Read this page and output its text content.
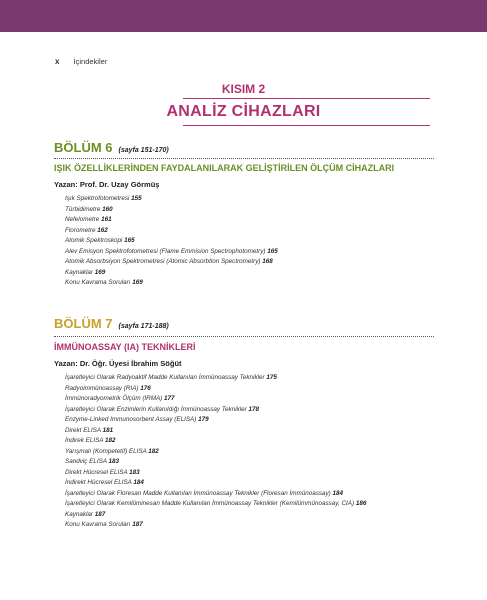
x İçindekiler
KISIM 2
ANALİZ CİHAZLARI
BÖLÜM 6 (sayfa 151-170)
IŞIK ÖZELLİKLERİNDEN FAYDALANILARAK GELİŞTİRİLEN ÖLÇÜM CİHAZLARI
Yazan: Prof. Dr. Uzay Görmüş
Işık Spektrofotometresi 155
Türbidimetre 160
Nefelometre 161
Florometre 162
Atomik Spektroskopi 165
Alev Emisyon Spektrofotometresi (Flame Emmision Spectrophotometry) 165
Atomik Absorbsiyon Spektrometresi (Atomic Absorbtion Spectrometry) 168
Kaynaklar 169
Konu Kavrama Soruları 169
BÖLÜM 7 (sayfa 171-188)
İMMÜNOASSAY (IA) TEKNİKLERİ
Yazan: Dr. Öğr. Üyesi İbrahim Söğüt
İşaretleyici Olarak Radyoaktif Madde Kullanılan İmmünoassay Teknikler 175
Radyoimmünoassay (RIA) 176
İmmünoradyometrik Ölçüm (IRMA) 177
İşaretleyici Olarak Enzimlerin Kullanıldığı İmmünoassay Teknikler 178
Enzyme-Linked Immunosorbent Assay (ELISA) 179
Direkt ELISA 181
İndirek ELISA 182
Yarışmalı (Kompetetif) ELISA 182
Sandviç ELISA 183
Direkt Hücresel ELISA 183
İndirekt Hücresel ELISA 184
İşaretleyici Olarak Floresan Madde Kullanılan İmmünoassay Teknikler (Floresan İmmünoassay) 184
İşaretleyici Olarak Kemilüminesan Madde Kullanılan İmmünoassay Teknikler (Kemilümmünoassay, CIA) 186
Kaynaklar 187
Konu Kavrama Soruları 187
